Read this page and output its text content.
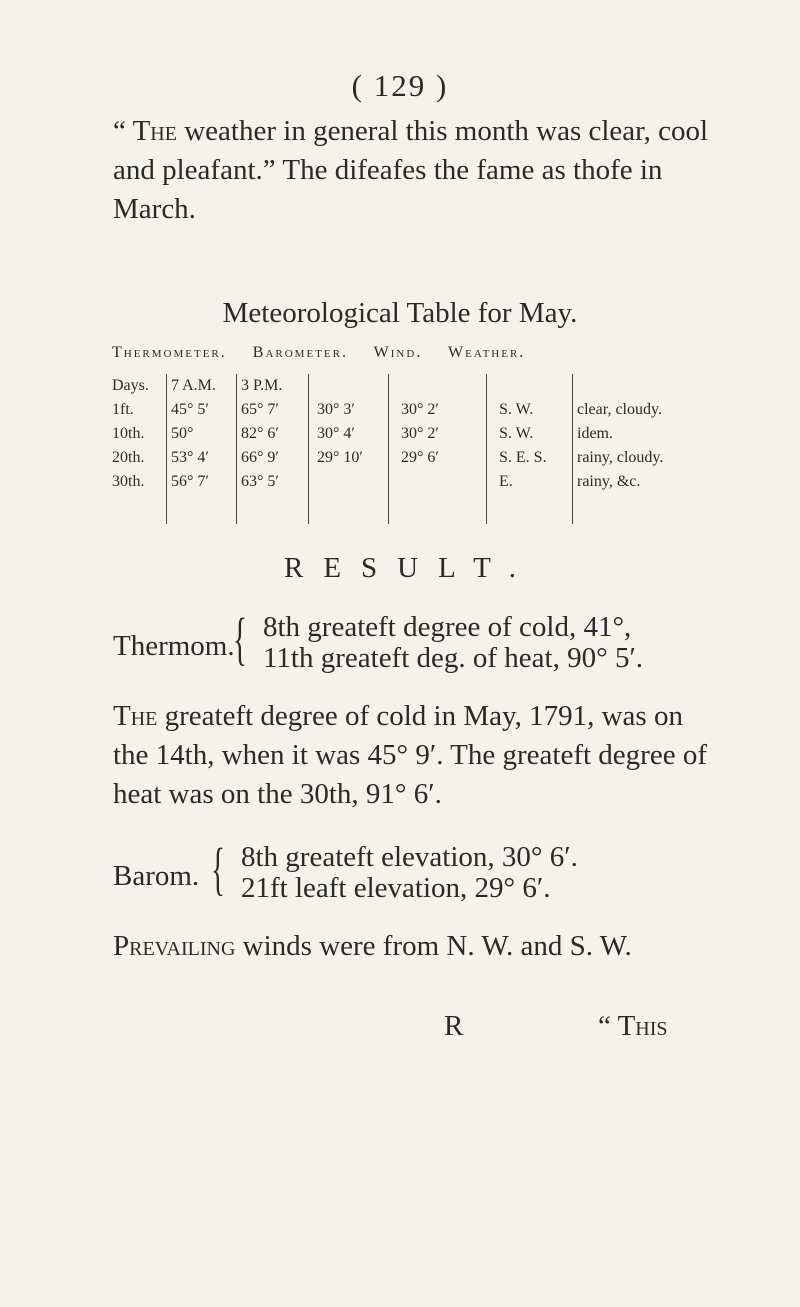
( 129 )
“ The weather in general this month was clear, cool and pleafant.” The difeafes the fame as thofe in March.
Meteorological Table for May.
Thermometer. Barometer. Wind. Weather.
Days.
1ft.
10th.
20th.
30th.
7 A.M.
45° 5′
50°
53° 4′
56° 7′
3 P.M.
65° 7′
82° 6′
66° 9′
63° 5′
30° 3′
30° 4′
29° 10′
30° 2′
30° 2′
29° 6′
S. W.
S. W.
S. E. S.
E.
clear, cloudy.
idem.
rainy, cloudy.
rainy, &c.
RESULT.
Thermom.
{ 8th greateft degree of cold, 41°,
11th greateft deg. of heat, 90° 5′.
The greateft degree of cold in May, 1791, was on the 14th, when it was 45° 9′. The greateft degree of heat was on the 30th, 91° 6′.
Barom. { 8th greateft elevation, 30° 6′.
21ft leaft elevation, 29° 6′.
Prevailing winds were from N. W. and S. W.
R	“ This
